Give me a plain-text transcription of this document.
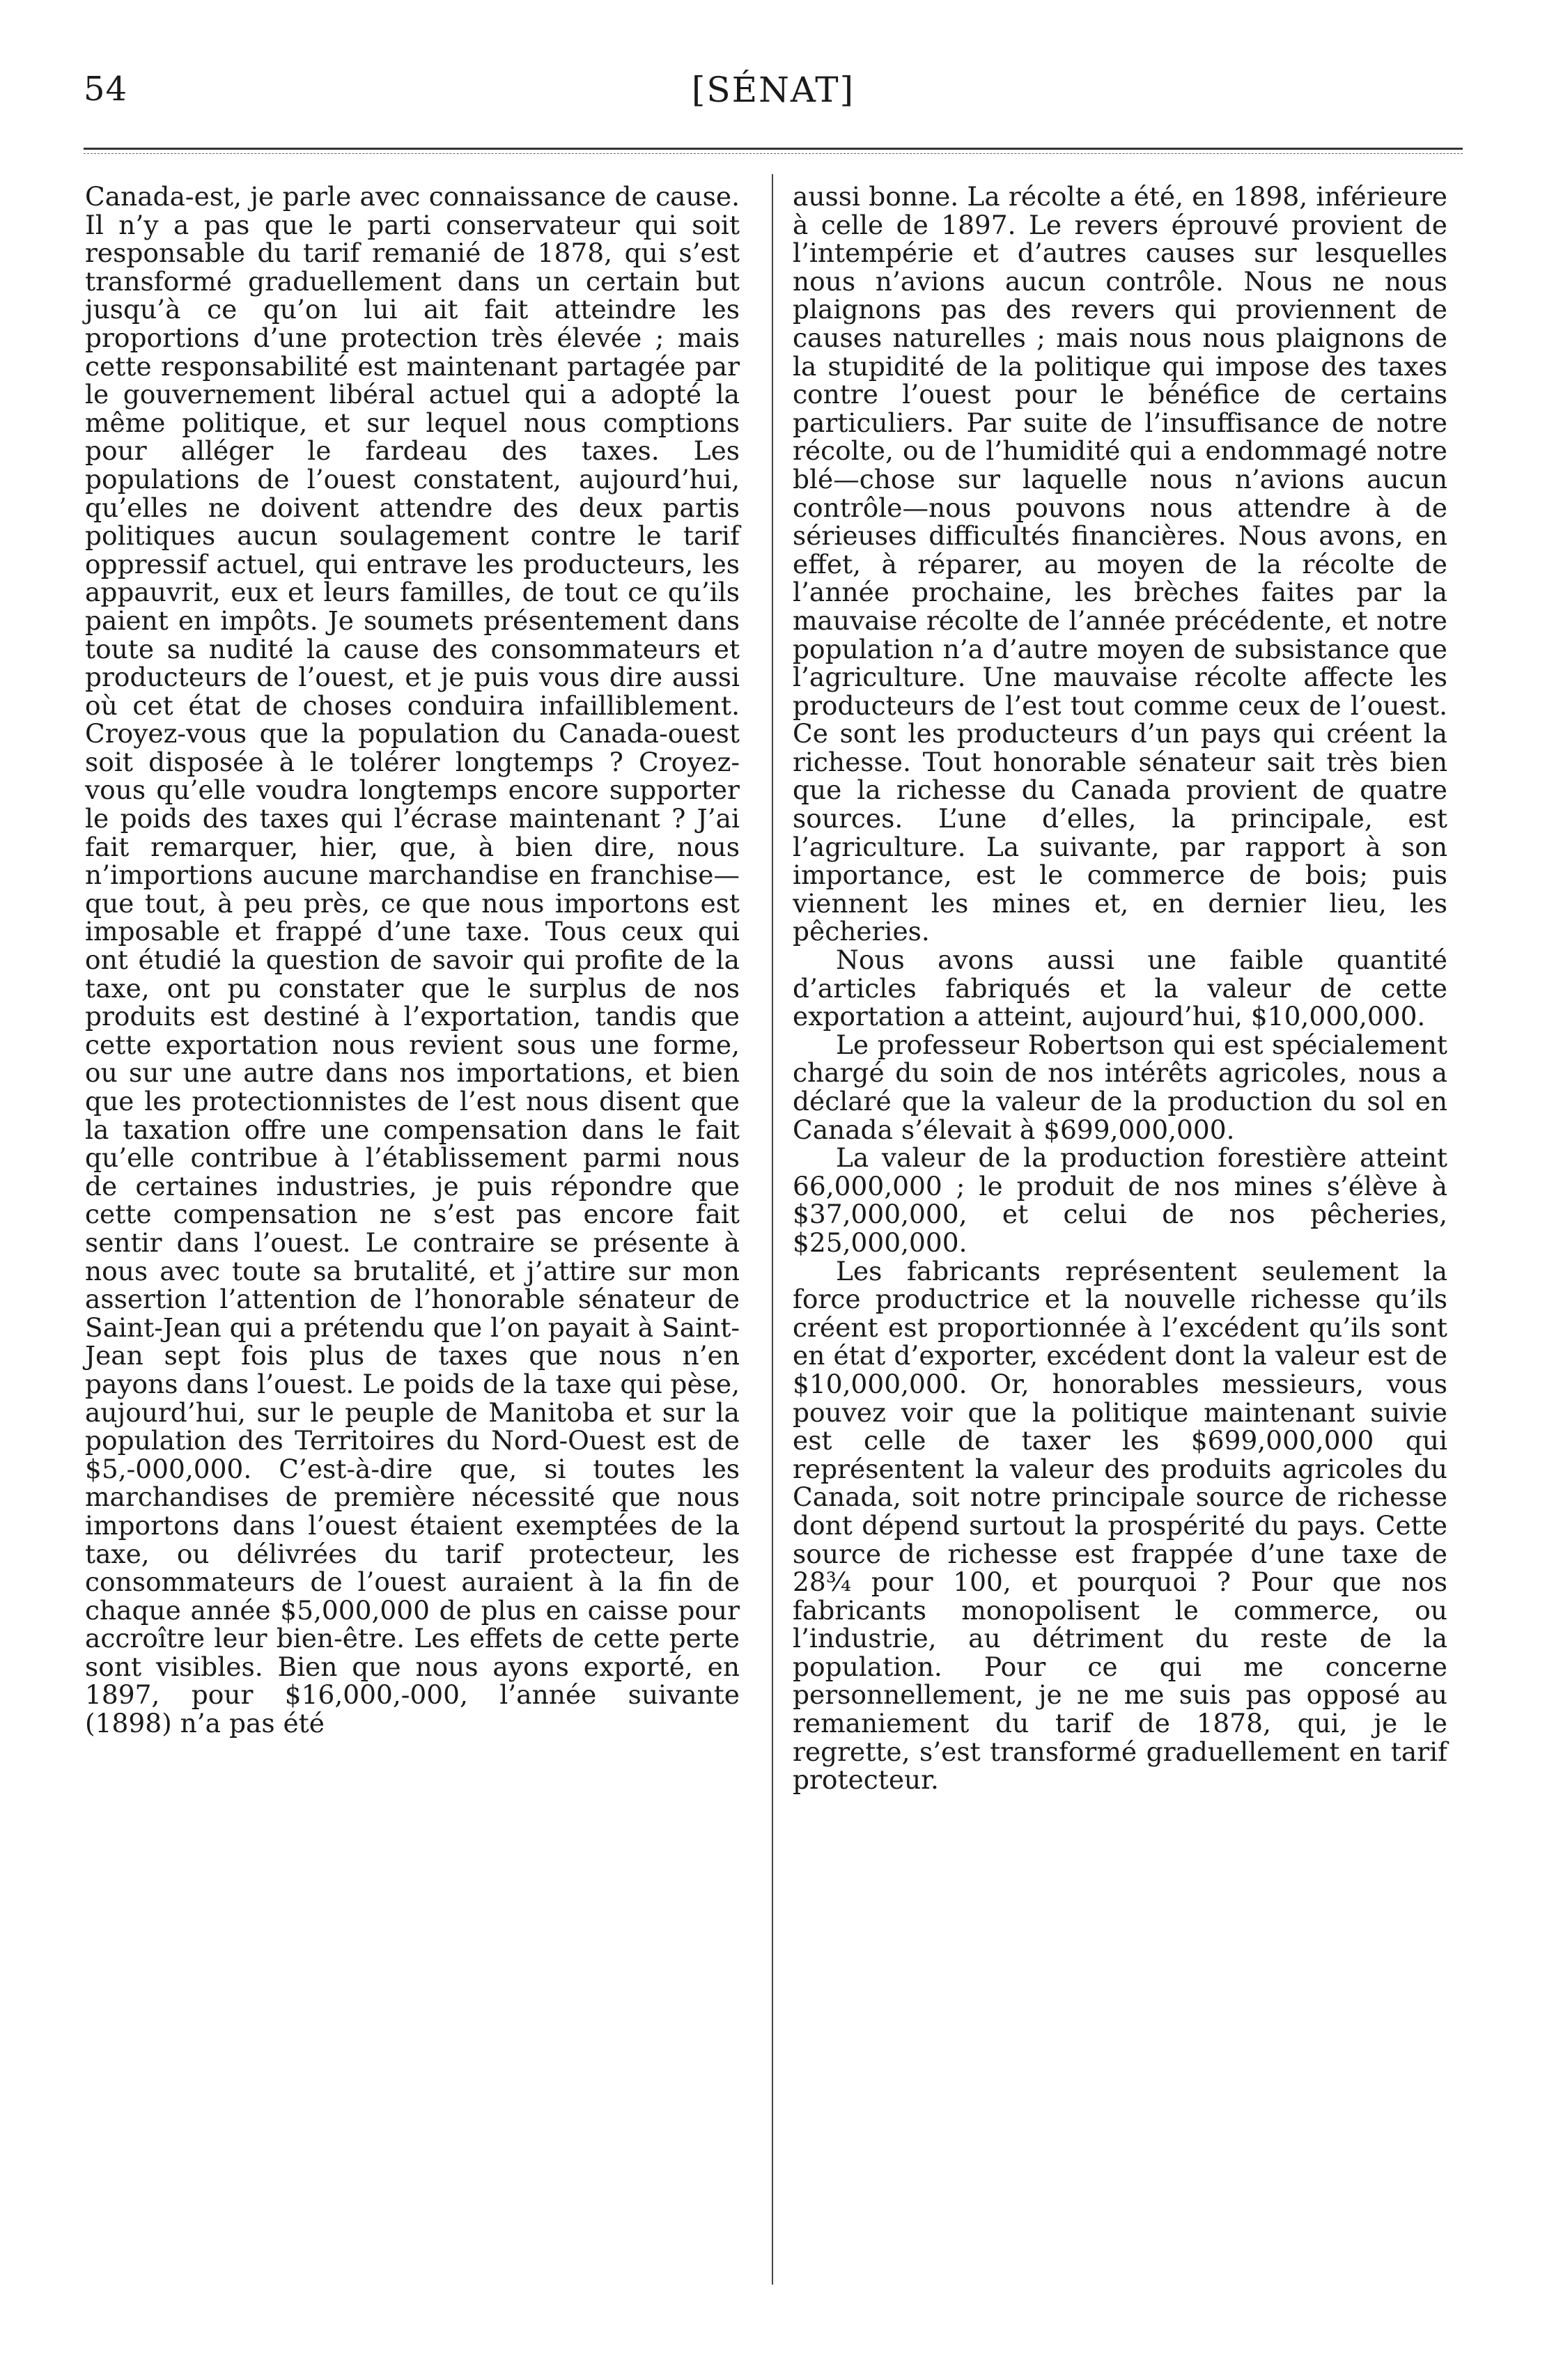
54	[SÉNAT]

Canada-est, je parle avec connaissance de cause. Il n’y a pas que le parti conservateur qui soit responsable du tarif remanié de 1878, qui s’est transformé graduellement dans un certain but jusqu’à ce qu’on lui ait fait atteindre les proportions d’une protection très élevée ; mais cette responsabilité est maintenant partagée par le gouvernement libéral actuel qui a adopté la même politique, et sur lequel nous comptions pour alléger le fardeau des taxes. Les populations de l’ouest constatent, aujourd’hui, qu’elles ne doivent attendre des deux partis politiques aucun soulagement contre le tarif oppressif actuel, qui entrave les producteurs, les appauvrit, eux et leurs familles, de tout ce qu’ils paient en impôts. Je soumets présentement dans toute sa nudité la cause des consommateurs et producteurs de l’ouest, et je puis vous dire aussi où cet état de choses conduira infailliblement. Croyez-vous que la population du Canada-ouest soit disposée à le tolérer longtemps ? Croyez-vous qu’elle voudra longtemps encore supporter le poids des taxes qui l’écrase maintenant ? J’ai fait remarquer, hier, que, à bien dire, nous n’importions aucune marchandise en franchise—que tout, à peu près, ce que nous importons est imposable et frappé d’une taxe. Tous ceux qui ont étudié la question de savoir qui profite de la taxe, ont pu constater que le surplus de nos produits est destiné à l’exportation, tandis que cette exportation nous revient sous une forme, ou sur une autre dans nos importations, et bien que les protectionnistes de l’est nous disent que la taxation offre une compensation dans le fait qu’elle contribue à l’établissement parmi nous de certaines industries, je puis répondre que cette compensation ne s’est pas encore fait sentir dans l’ouest. Le contraire se présente à nous avec toute sa brutalité, et j’attire sur mon assertion l’attention de l’honorable sénateur de Saint-Jean qui a prétendu que l’on payait à Saint-Jean sept fois plus de taxes que nous n’en payons dans l’ouest. Le poids de la taxe qui pèse, aujourd’hui, sur le peuple de Manitoba et sur la population des Territoires du Nord-Ouest est de $5,-000,000. C’est-à-dire que, si toutes les marchandises de première nécessité que nous importons dans l’ouest étaient exemptées de la taxe, ou délivrées du tarif protecteur, les consommateurs de l’ouest auraient à la fin de chaque année $5,000,000 de plus en caisse pour accroître leur bien-être. Les effets de cette perte sont visibles. Bien que nous ayons exporté, en 1897, pour $16,000,-000, l’année suivante (1898) n’a pas été

aussi bonne. La récolte a été, en 1898, inférieure à celle de 1897. Le revers éprouvé provient de l’intempérie et d’autres causes sur lesquelles nous n’avions aucun contrôle. Nous ne nous plaignons pas des revers qui proviennent de causes naturelles ; mais nous nous plaignons de la stupidité de la politique qui impose des taxes contre l’ouest pour le bénéfice de certains particuliers. Par suite de l’insuffisance de notre récolte, ou de l’humidité qui a endommagé notre blé—chose sur laquelle nous n’avions aucun contrôle—nous pouvons nous attendre à de sérieuses difficultés financières. Nous avons, en effet, à réparer, au moyen de la récolte de l’année prochaine, les brèches faites par la mauvaise récolte de l’année précédente, et notre population n’a d’autre moyen de subsistance que l’agriculture. Une mauvaise récolte affecte les producteurs de l’est tout comme ceux de l’ouest. Ce sont les producteurs d’un pays qui créent la richesse. Tout honorable sénateur sait très bien que la richesse du Canada provient de quatre sources. L’une d’elles, la principale, est l’agriculture. La suivante, par rapport à son importance, est le commerce de bois; puis viennent les mines et, en dernier lieu, les pêcheries.

Nous avons aussi une faible quantité d’articles fabriqués et la valeur de cette exportation a atteint, aujourd’hui, $10,000,000.

Le professeur Robertson qui est spécialement chargé du soin de nos intérêts agricoles, nous a déclaré que la valeur de la production du sol en Canada s’élevait à $699,000,000.

La valeur de la production forestière atteint 66,000,000 ; le produit de nos mines s’élève à $37,000,000, et celui de nos pêcheries, $25,000,000.

Les fabricants représentent seulement la force productrice et la nouvelle richesse qu’ils créent est proportionnée à l’excédent qu’ils sont en état d’exporter, excédent dont la valeur est de $10,000,000. Or, honorables messieurs, vous pouvez voir que la politique maintenant suivie est celle de taxer les $699,000,000 qui représentent la valeur des produits agricoles du Canada, soit notre principale source de richesse dont dépend surtout la prospérité du pays. Cette source de richesse est frappée d’une taxe de 28¾ pour 100, et pourquoi ? Pour que nos fabricants monopolisent le commerce, ou l’industrie, au détriment du reste de la population. Pour ce qui me concerne personnellement, je ne me suis pas opposé au remaniement du tarif de 1878, qui, je le regrette, s’est transformé graduellement en tarif protecteur.
